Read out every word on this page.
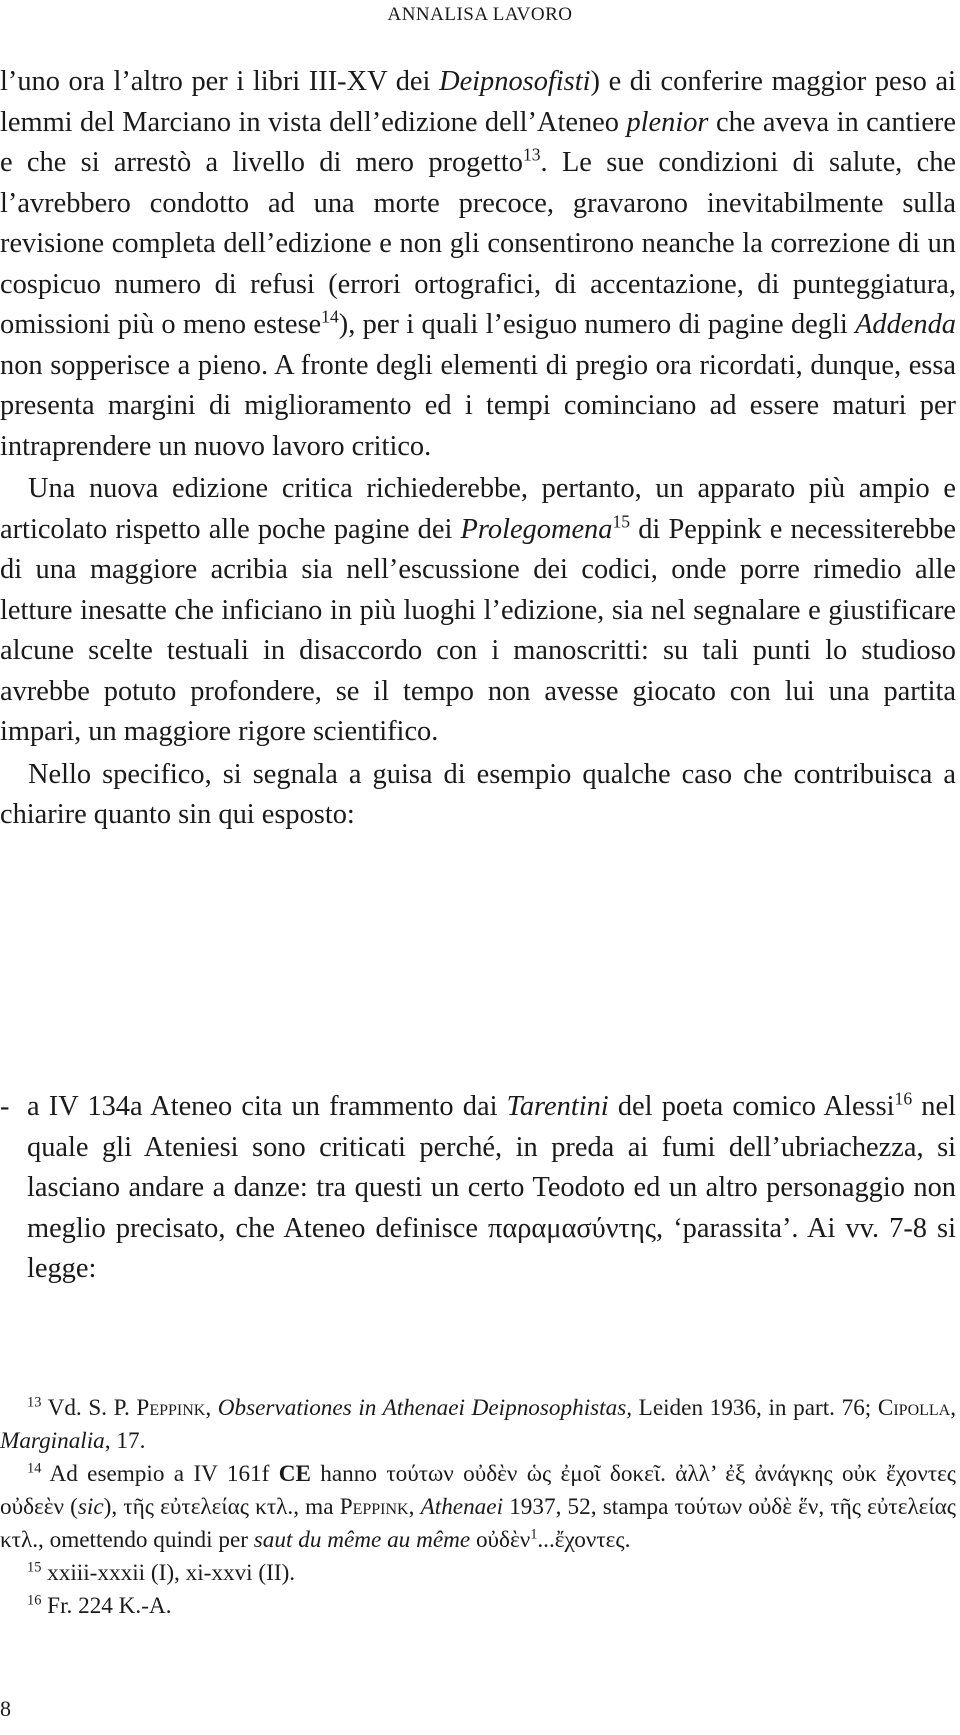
ANNALISA LAVORO

l’uno ora l’altro per i libri III-XV dei Deipnosofisti) e di conferire maggior peso ai lemmi del Marciano in vista dell’edizione dell’Ateneo plenior che aveva in cantiere e che si arrestò a livello di mero progetto$^{13}$. Le sue condizioni di salute, che l’avrebbero condotto ad una morte precoce, gravarono inevitabilmente sulla revisione completa dell’edizione e non gli consentirono neanche la correzione di un cospicuo numero di refusi (errori ortografici, di accentazione, di punteggiatura, omissioni più o meno estese$^{14}$), per i quali l’esiguo numero di pagine degli Addenda non sopperisce a pieno. A fronte degli elementi di pregio ora ricordati, dunque, essa presenta margini di miglioramento ed i tempi cominciano ad essere maturi per intraprendere un nuovo lavoro critico.

Una nuova edizione critica richiederebbe, pertanto, un apparato più ampio e articolato rispetto alle poche pagine dei Prolegomena$^{15}$ di Peppink e necessiterebbe di una maggiore acribia sia nell’escussione dei codici, onde porre rimedio alle letture inesatte che inficiano in più luoghi l’edizione, sia nel segnalare e giustificare alcune scelte testuali in disaccordo con i manoscritti: su tali punti lo studioso avrebbe potuto profondere, se il tempo non avesse giocato con lui una partita impari, un maggiore rigore scientifico.

Nello specifico, si segnala a guisa di esempio qualche caso che contribuisca a chiarire quanto sin qui esposto:

- a IV 134a Ateneo cita un frammento dai Tarentini del poeta comico Alessi$^{16}$ nel quale gli Ateniesi sono criticati perché, in preda ai fumi dell’ubriachezza, si lasciano andare a danze: tra questi un certo Teodoto ed un altro personaggio non meglio precisato, che Ateneo definisce παραμασύντης, ‘parassita’. Ai vv. 7-8 si legge:

$^{13}$ Vd. S. P. Peppink, Observationes in Athenaei Deipnosophistas, Leiden 1936, in part. 76; Cipolla, Marginalia, 17.

$^{14}$ Ad esempio a IV 161f CE hanno τούτων οὐδὲν ὡς ἐμοῖ δοκεῖ. ἀλλ’ ἐξ ἀνάγκης οὐκ ἔχοντες οὐδεὲν (sic), τῆς εὐτελείας κτλ., ma Peppink, Athenaei 1937, 52, stampa τούτων οὐδὲ ἕν, τῆς εὐτελείας κτλ., omettendo quindi per saut du même au même οὐδὲν$^1$...ἔχοντες.

$^{15}$ xxiii-xxxii (I), xi-xxvi (II).

$^{16}$ Fr. 224 K.-A.

8
